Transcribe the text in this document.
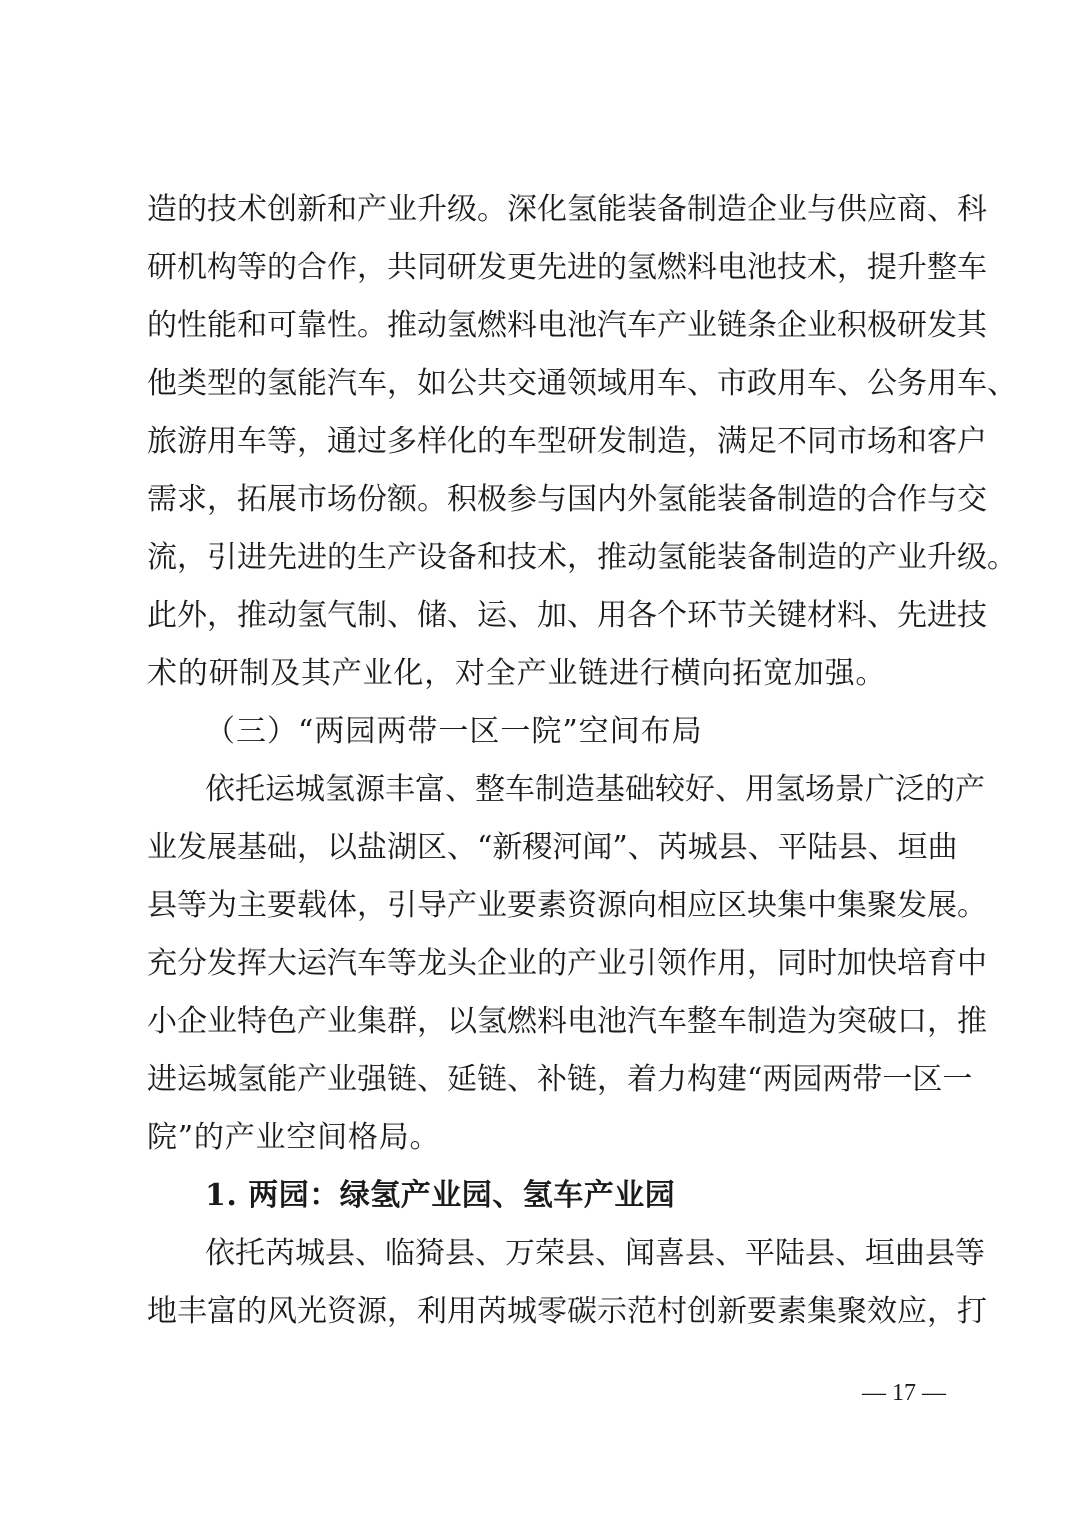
造的技术创新和产业升级。深化氢能装备制造企业与供应商、科
研机构等的合作，共同研发更先进的氢燃料电池技术，提升整车
的性能和可靠性。推动氢燃料电池汽车产业链条企业积极研发其
他类型的氢能汽车，如公共交通领域用车、市政用车、公务用车、
旅游用车等，通过多样化的车型研发制造，满足不同市场和客户
需求，拓展市场份额。积极参与国内外氢能装备制造的合作与交
流，引进先进的生产设备和技术，推动氢能装备制造的产业升级。
此外，推动氢气制、储、运、加、用各个环节关键材料、先进技
术的研制及其产业化，对全产业链进行横向拓宽加强。
（三）“两园两带一区一院”空间布局
依托运城氢源丰富、整车制造基础较好、用氢场景广泛的产
业发展基础，以盐湖区、“新稷河闻”、芮城县、平陆县、垣曲
县等为主要载体，引导产业要素资源向相应区块集中集聚发展。
充分发挥大运汽车等龙头企业的产业引领作用，同时加快培育中
小企业特色产业集群，以氢燃料电池汽车整车制造为突破口，推
进运城氢能产业强链、延链、补链，着力构建“两园两带一区一
院”的产业空间格局。
1. 两园：绿氢产业园、氢车产业园
依托芮城县、临猗县、万荣县、闻喜县、平陆县、垣曲县等
地丰富的风光资源，利用芮城零碳示范村创新要素集聚效应，打
— 17 —
